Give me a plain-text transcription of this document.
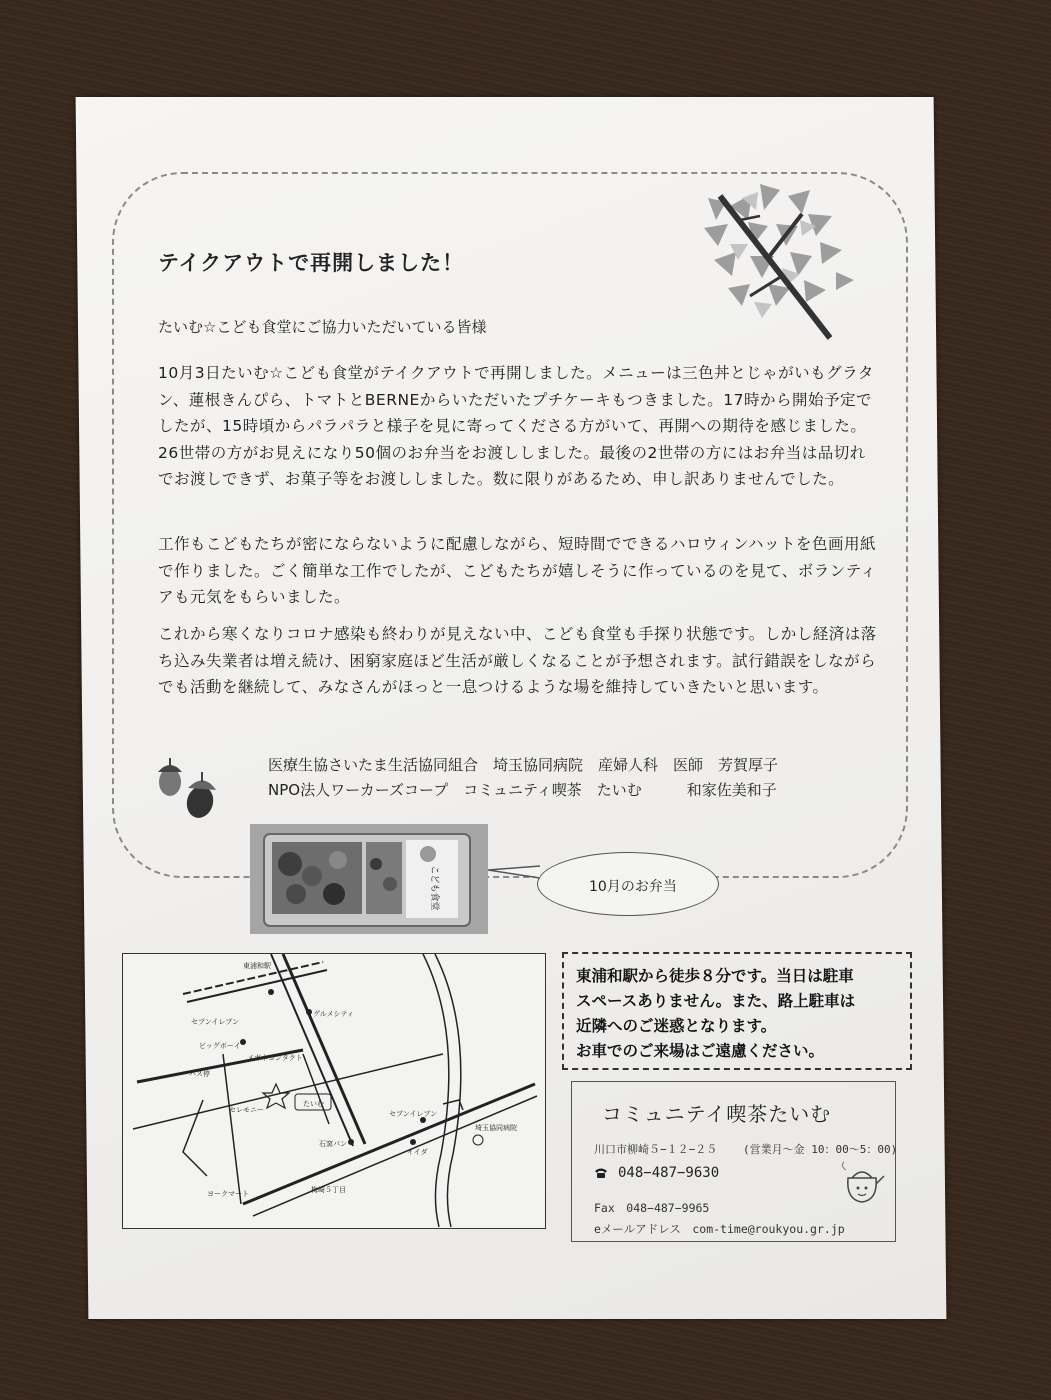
テイクアウトで再開しました！
たいむ☆こども食堂にご協力いただいている皆様

10月3日たいむ☆こども食堂がテイクアウトで再開しました。メニューは三色丼とじゃがいもグラタン、蓮根きんぴら、トマトとBERNEからいただいたプチケーキもつきました。17時から開始予定でしたが、15時頃からパラパラと様子を見に寄ってくださる方がいて、再開への期待を感じました。26世帯の方がお見えになり50個のお弁当をお渡ししました。最後の2世帯の方にはお弁当は品切れでお渡しできず、お菓子等をお渡ししました。数に限りがあるため、申し訳ありませんでした。

工作もこどもたちが密にならないように配慮しながら、短時間でできるハロウィンハットを色画用紙で作りました。ごく簡単な工作でしたが、こどもたちが嬉しそうに作っているのを見て、ボランティアも元気をもらいました。

これから寒くなりコロナ感染も終わりが見えない中、こども食堂も手探り状態です。しかし経済は落ち込み失業者は増え続け、困窮家庭ほど生活が厳しくなることが予想されます。試行錯誤をしながらでも活動を継続して、みなさんがほっと一息つけるような場を維持していきたいと思います。

医療生協さいたま生活協同組合　埼玉協同病院　産婦人科　医師　芳賀厚子
NPO法人ワーカーズコープ　コミュニティ喫茶　たいむ　　　和家佐美和子
こども食堂	10月のお弁当
東浦和駅
セブンイレブン
ビッグボーイ
グルメシティ
メガネコンタクト
バス停
セレモニー
たいむ
石窯パン
セブンイレブン
イイダ
埼玉協同病院
ヨークマート	梅崎５丁目
東浦和駅から徒歩８分です。当日は駐車
スペースありません。また、路上駐車は
近隣へのご迷惑となります。
お車でのご来場はご遠慮ください。
コミュニテイ喫茶たいむ
川口市柳崎５−１２−２５ (営業月〜金 10：00〜5：00)
048−487−9630
Fax　048−487−9965
eメールアドレス　com-time@roukyou.gr.jp
